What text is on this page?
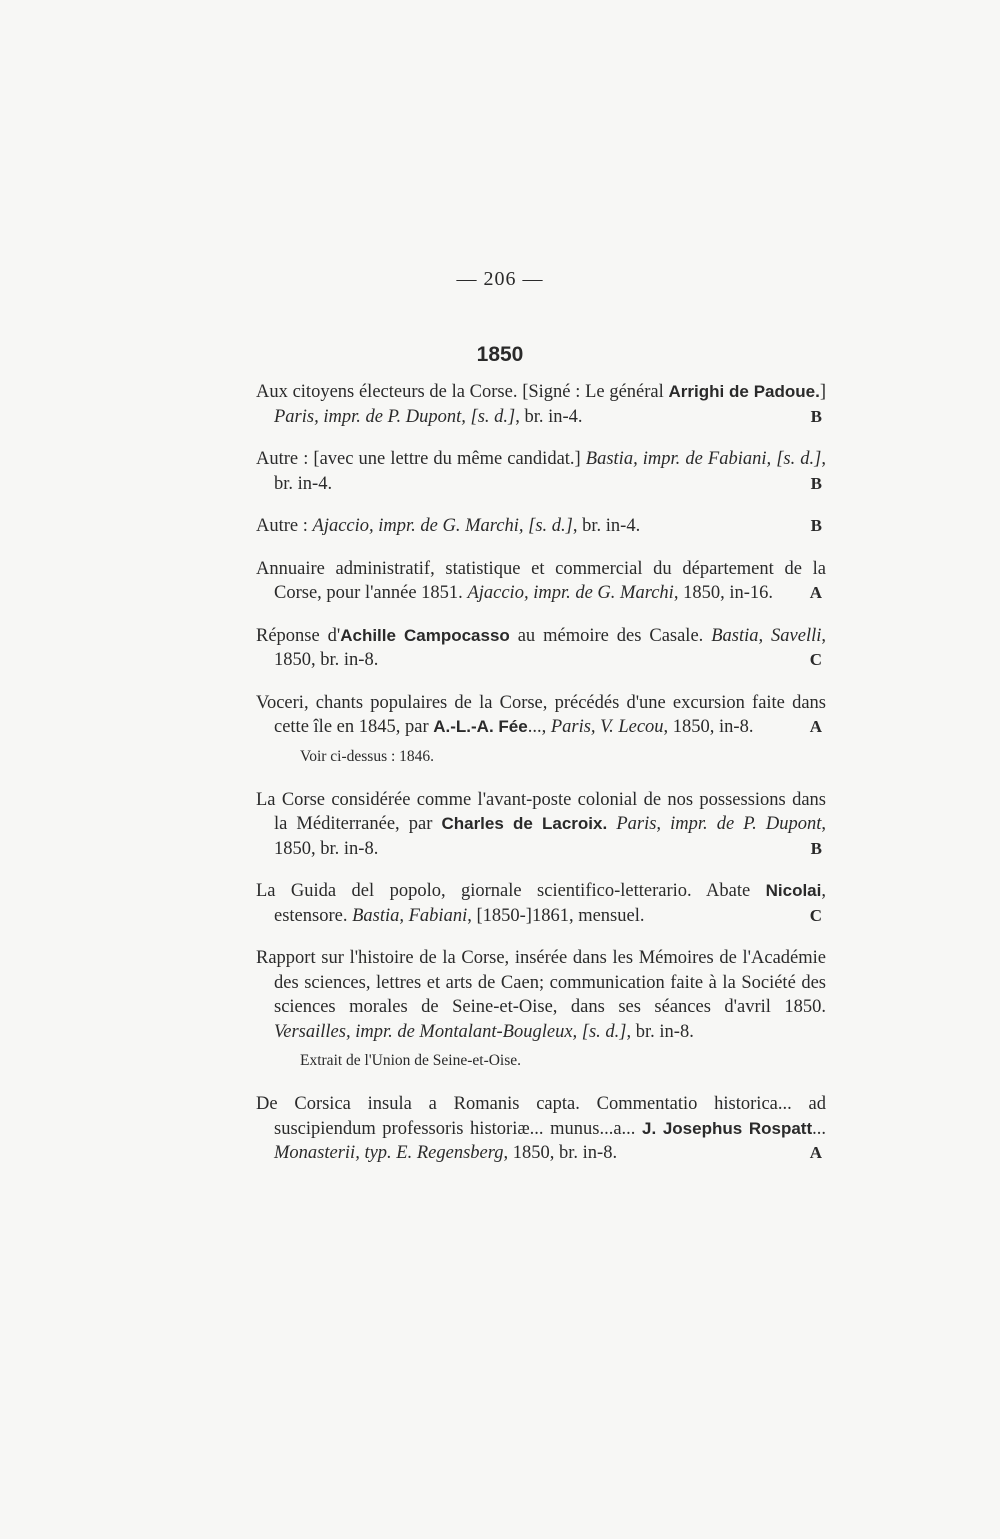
— 206 —
1850
Aux citoyens électeurs de la Corse. [Signé : Le général Arrighi de Padoue.] Paris, impr. de P. Dupont, [s. d.], br. in-4.	B
Autre : [avec une lettre du même candidat.] Bastia, impr. de Fabiani, [s. d.], br. in-4.	B
Autre : Ajaccio, impr. de G. Marchi, [s. d.], br. in-4.	B
Annuaire administratif, statistique et commercial du département de la Corse, pour l'année 1851. Ajaccio, impr. de G. Marchi, 1850, in-16. A
Réponse d'Achille Campocasso au mémoire des Casale. Bastia, Savelli, 1850, br. in-8.	C
Voceri, chants populaires de la Corse, précédés d'une excursion faite dans cette île en 1845, par A.-L.-A. Fée..., Paris, V. Lecou, 1850, in-8.	A
Voir ci-dessus : 1846.
La Corse considérée comme l'avant-poste colonial de nos possessions dans la Méditerranée, par Charles de Lacroix. Paris, impr. de P. Dupont, 1850, br. in-8.	B
La Guida del popolo, giornale scientifico-letterario. Abate Nicolai, estensore. Bastia, Fabiani, [1850-]1861, mensuel.	C
Rapport sur l'histoire de la Corse, insérée dans les Mémoires de l'Académie des sciences, lettres et arts de Caen; communication faite à la Société des sciences morales de Seine-et-Oise, dans ses séances d'avril 1850. Versailles, impr. de Montalant-Bougleux, [s. d.], br. in-8.
Extrait de l'Union de Seine-et-Oise.
De Corsica insula a Romanis capta. Commentatio historica... ad suscipiendum professoris historiæ... munus...a... J. Josephus Rospatt... Monasterii, typ. E. Regensberg, 1850, br. in-8.	A
